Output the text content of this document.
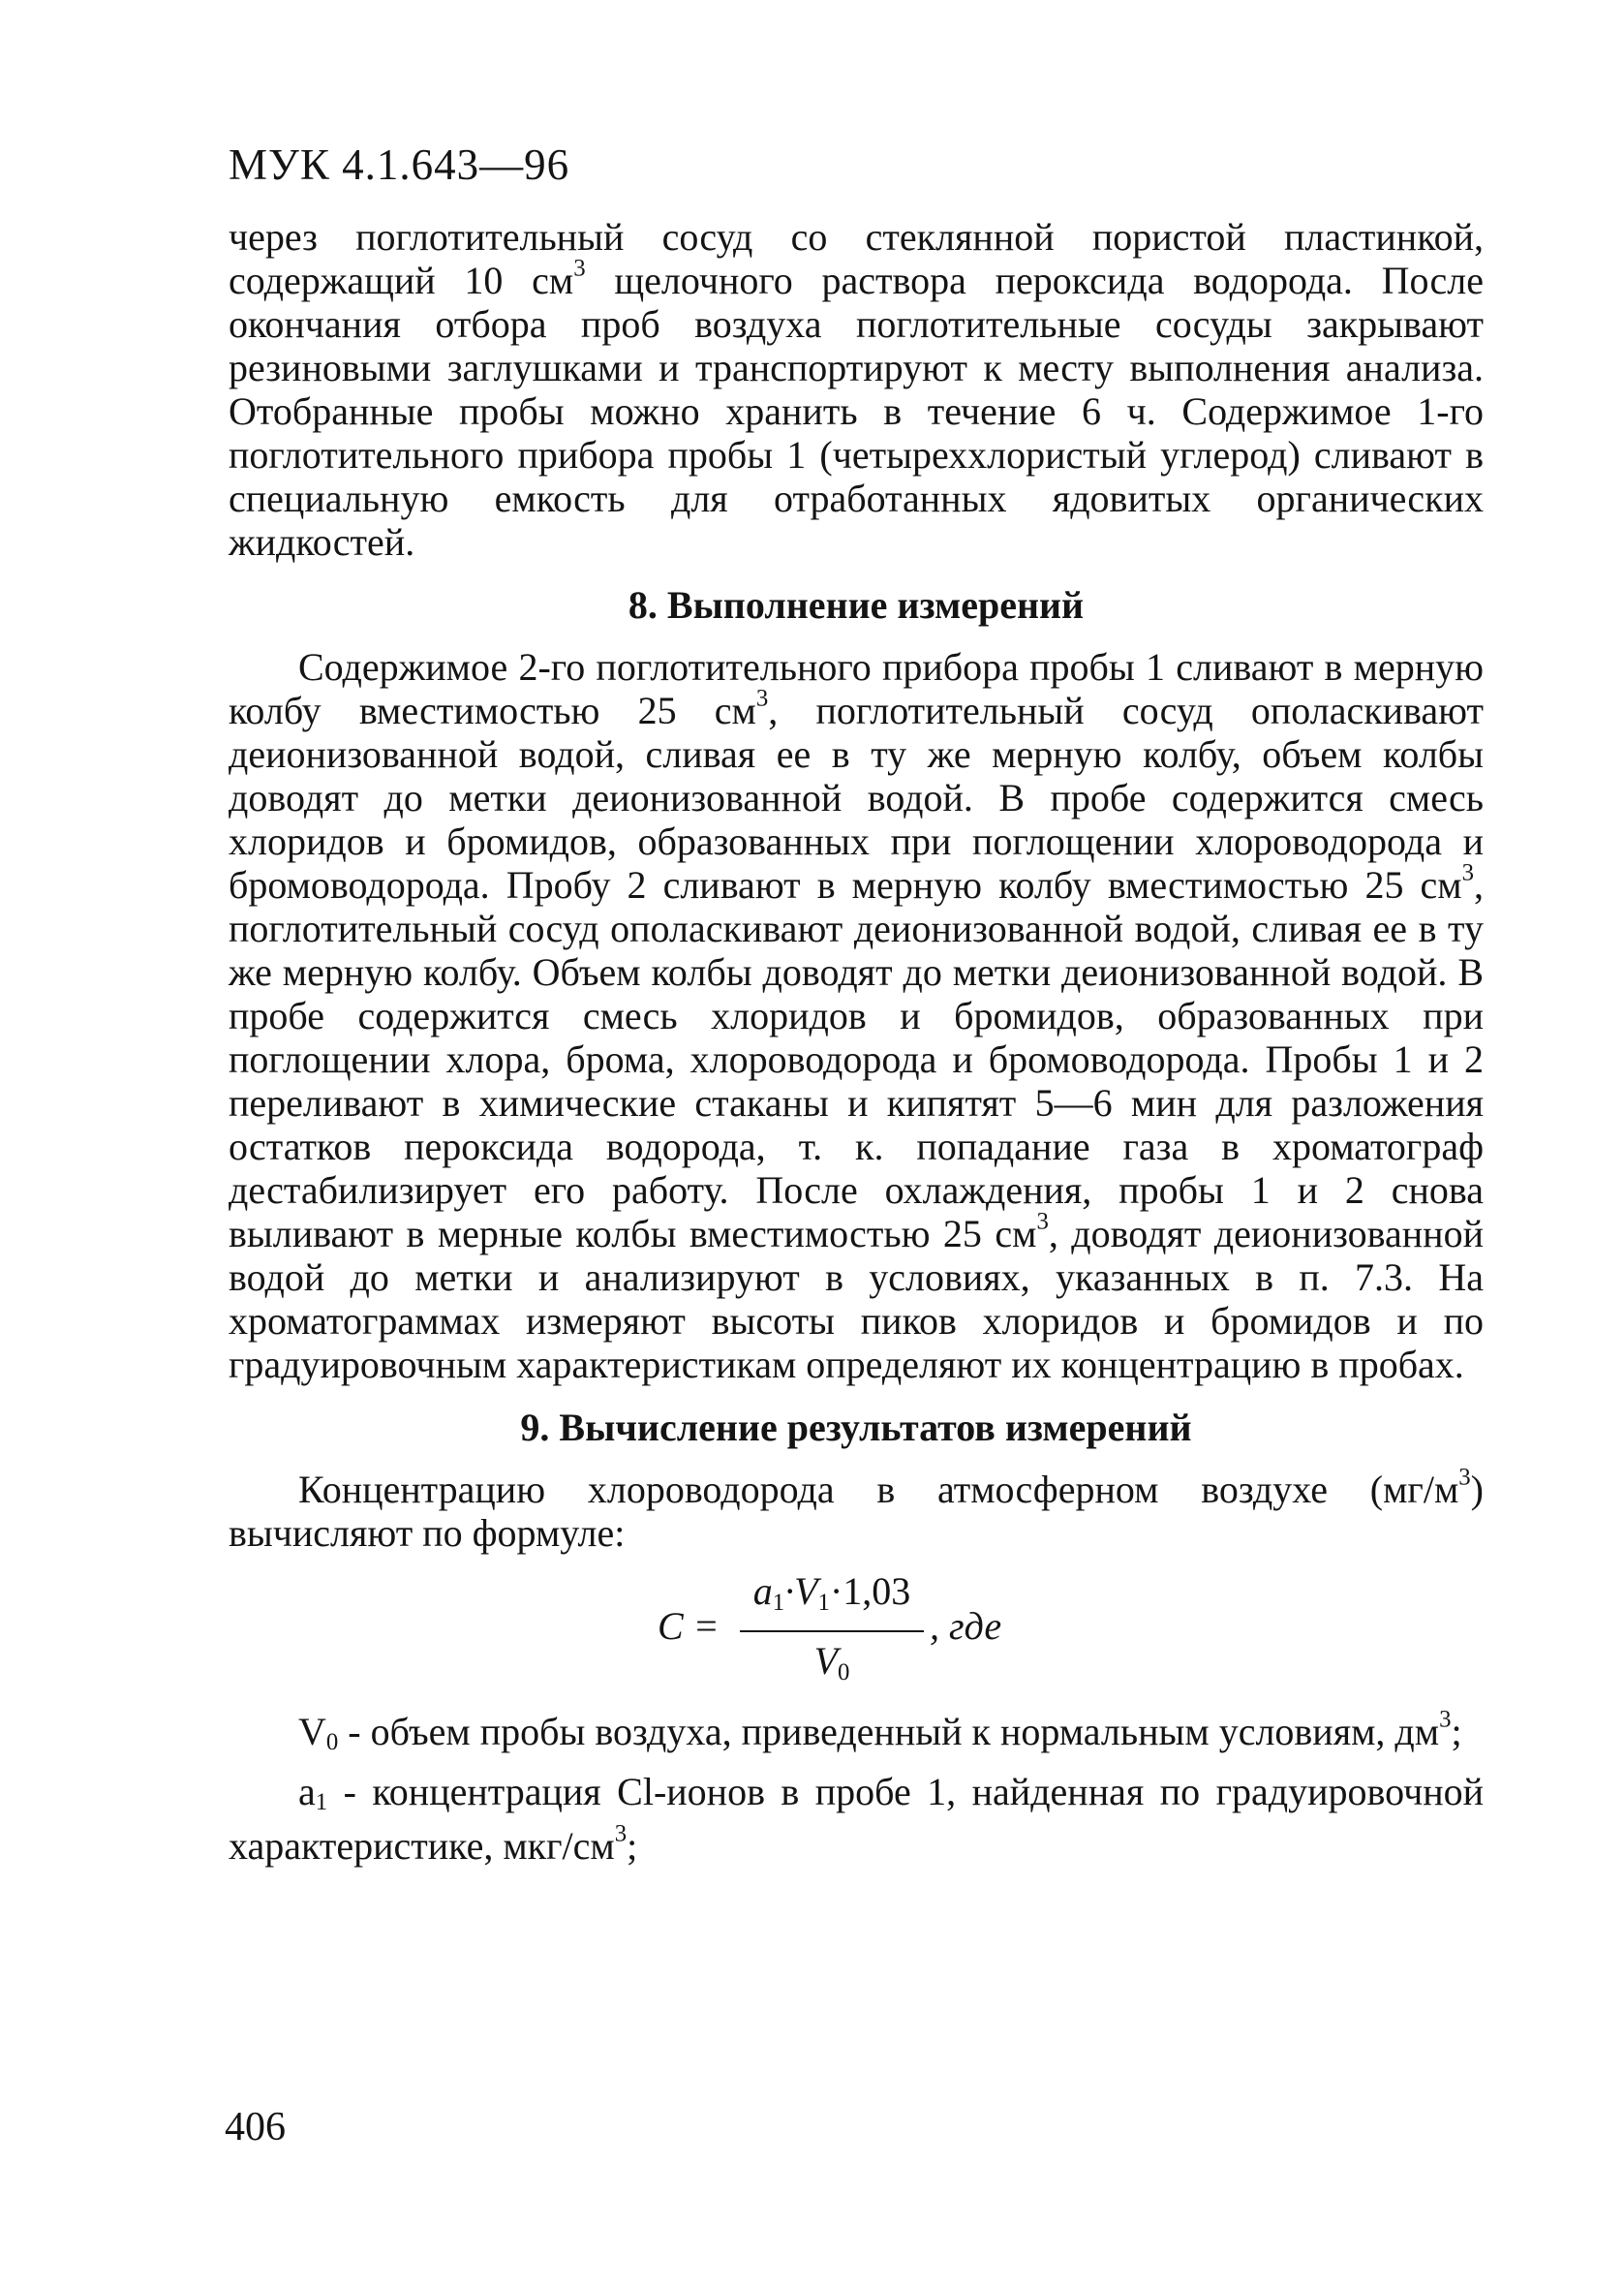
МУК 4.1.643—96

через поглотительный сосуд со стеклянной пористой пластинкой, содержащий 10 $см^3$ щелочного раствора пероксида водорода. После окончания отбора проб воздуха поглотительные сосуды закрывают резиновыми заглушками и транспортируют к месту выполнения анализа. Отобранные пробы можно хранить в течение 6 ч. Содержимое 1-го поглотительного прибора пробы 1 (четыреххлористый углерод) сливают в специальную емкость для отработанных ядовитых органических жидкостей.

8. Выполнение измерений

Содержимое 2-го поглотительного прибора пробы 1 сливают в мерную колбу вместимостью 25 $см^3$, поглотительный сосуд ополаскивают деионизованной водой, сливая ее в ту же мерную колбу, объем колбы доводят до метки деионизованной водой. В пробе содержится смесь хлоридов и бромидов, образованных при поглощении хлороводорода и бромоводорода. Пробу 2 сливают в мерную колбу вместимостью 25 $см^3$, поглотительный сосуд ополаскивают деионизованной водой, сливая ее в ту же мерную колбу. Объем колбы доводят до метки деионизованной водой. В пробе содержится смесь хлоридов и бромидов, образованных при поглощении хлора, брома, хлороводорода и бромоводорода. Пробы 1 и 2 переливают в химические стаканы и кипятят 5—6 мин для разложения остатков пероксида водорода, т. к. попадание газа в хроматограф дестабилизирует его работу. После охлаждения, пробы 1 и 2 снова выливают в мерные колбы вместимостью 25 $см^3$, доводят деионизованной водой до метки и анализируют в условиях, указанных в п. 7.3. На хроматограммах измеряют высоты пиков хлоридов и бромидов и по градуировочным характеристикам определяют их концентрацию в пробах.

9. Вычисление результатов измерений

Концентрацию хлороводорода в атмосферном воздухе $(мг/м^3)$ вычисляют по формуле:

C =
$a_1\cdot V_1\cdot 1,03$
$V_0$
, где

$V_0$ - объем пробы воздуха, приведенный к нормальным условиям, $дм^3$;

$a_1$ - концентрация Cl-ионов в пробе 1, найденная по градуировочной характеристике, мкг/$см^3$;

406
